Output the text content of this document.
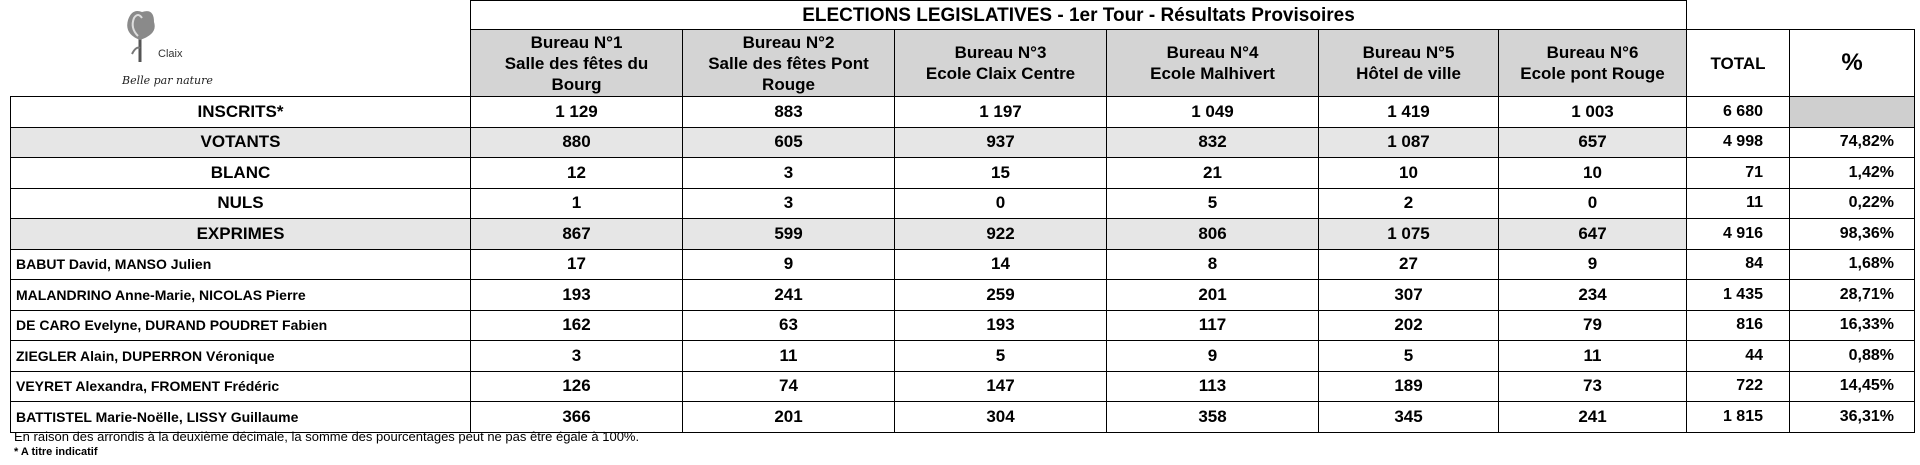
Claix
Belle par nature
	ELECTIONS LEGISLATIVES - 1er Tour - Résultats Provisoires							
	Bureau N°1
Salle des fêtes du
Bourg	Bureau N°2
Salle des fêtes Pont
Rouge	Bureau N°3
Ecole Claix Centre	Bureau N°4
Ecole Malhivert	Bureau N°5
Hôtel de ville	Bureau N°6
Ecole pont Rouge	TOTAL	%
INSCRITS*	1 129	883	1 197	1 049	1 419	1 003	6 680	
VOTANTS	880	605	937	832	1 087	657	4 998	74,82%
BLANC	12	3	15	21	10	10	71	1,42%
NULS	1	3	0	5	2	0	11	0,22%
EXPRIMES	867	599	922	806	1 075	647	4 916	98,36%
BABUT David, MANSO Julien	17	9	14	8	27	9	84	1,68%
MALANDRINO Anne-Marie, NICOLAS Pierre	193	241	259	201	307	234	1 435	28,71%
DE CARO Evelyne, DURAND POUDRET Fabien	162	63	193	117	202	79	816	16,33%
ZIEGLER Alain, DUPERRON Véronique	3	11	5	9	5	11	44	0,88%
VEYRET Alexandra, FROMENT Frédéric	126	74	147	113	189	73	722	14,45%
BATTISTEL Marie-Noëlle, LISSY Guillaume	366	201	304	358	345	241	1 815	36,31%
En raison des arrondis à la deuxième décimale, la somme des pourcentages peut ne pas être égale à 100%.
* A titre indicatif
